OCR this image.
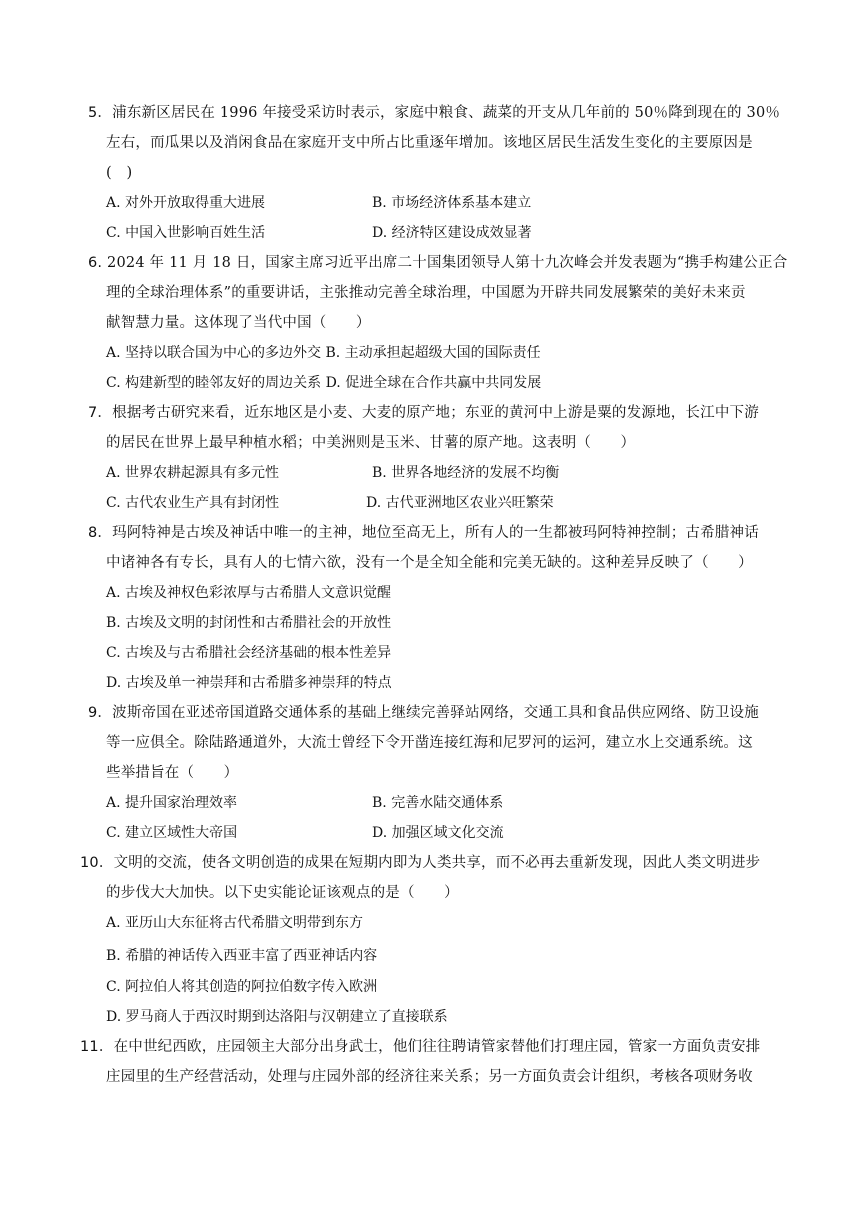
5．浦东新区居民在 1996 年接受采访时表示，家庭中粮食、蔬菜的开支从几年前的 50％降到现在的 30％
左右，而瓜果以及消闲食品在家庭开支中所占比重逐年增加。该地区居民生活发生变化的主要原因是
(　)
A. 对外开放取得重大进展	B. 市场经济体系基本建立
C. 中国入世影响百姓生活	D. 经济特区建设成效显著
6. 2024 年 11 月 18 日，国家主席习近平出席二十国集团领导人第十九次峰会并发表题为“携手构建公正合
理的全球治理体系”的重要讲话，主张推动完善全球治理，中国愿为开辟共同发展繁荣的美好未来贡
献智慧力量。这体现了当代中国（　　）
A. 坚持以联合国为中心的多边外交 B. 主动承担起超级大国的国际责任
C. 构建新型的睦邻友好的周边关系 D. 促进全球在合作共赢中共同发展
7．根据考古研究来看，近东地区是小麦、大麦的原产地；东亚的黄河中上游是粟的发源地，长江中下游
的居民在世界上最早种植水稻；中美洲则是玉米、甘薯的原产地。这表明（　　）
A. 世界农耕起源具有多元性	B. 世界各地经济的发展不均衡
C. 古代农业生产具有封闭性	D. 古代亚洲地区农业兴旺繁荣
8．玛阿特神是古埃及神话中唯一的主神，地位至高无上，所有人的一生都被玛阿特神控制；古希腊神话
中诸神各有专长，具有人的七情六欲，没有一个是全知全能和完美无缺的。这种差异反映了（　　）
A. 古埃及神权色彩浓厚与古希腊人文意识觉醒
B. 古埃及文明的封闭性和古希腊社会的开放性
C. 古埃及与古希腊社会经济基础的根本性差异
D. 古埃及单一神崇拜和古希腊多神崇拜的特点
9．波斯帝国在亚述帝国道路交通体系的基础上继续完善驿站网络，交通工具和食品供应网络、防卫设施
等一应俱全。除陆路通道外，大流士曾经下令开凿连接红海和尼罗河的运河，建立水上交通系统。这
些举措旨在（　　）
A. 提升国家治理效率	B. 完善水陆交通体系
C. 建立区域性大帝国	D. 加强区域文化交流
10．文明的交流，使各文明创造的成果在短期内即为人类共享，而不必再去重新发现，因此人类文明进步
的步伐大大加快。以下史实能论证该观点的是（　　）
A. 亚历山大东征将古代希腊文明带到东方
B. 希腊的神话传入西亚丰富了西亚神话内容
C. 阿拉伯人将其创造的阿拉伯数字传入欧洲
D. 罗马商人于西汉时期到达洛阳与汉朝建立了直接联系
11．在中世纪西欧，庄园领主大部分出身武士，他们往往聘请管家替他们打理庄园，管家一方面负责安排
庄园里的生产经营活动，处理与庄园外部的经济往来关系；另一方面负责会计组织，考核各项财务收
